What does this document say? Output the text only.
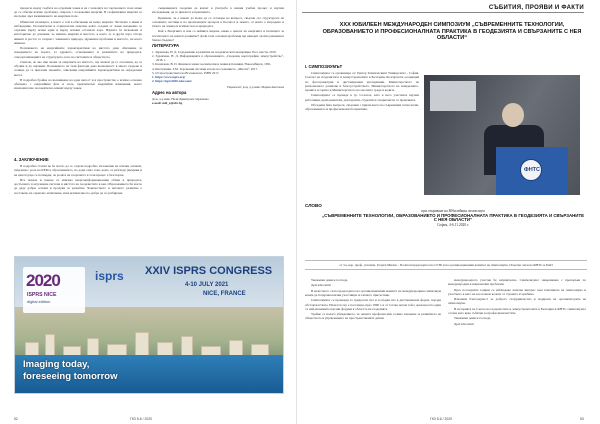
процеси, върху съдбата на отделния човек и на с помощта на торсионното поле може да се обясни всичко проблема, свързан с положения енергия. В геофизичния енергия се изследва чрез възникването на енергиен поле.

Обмислях пътищата, в които е той в обяснение на нещо енергия. Частично е имам и наблюдение. Положителна и отрицателна енергия, която създава от човек нееднакво се отразява върху всеки един и върху всички останали хора. Науката тя познаваме и категорично да докажем, че именно енергия и мястото, в което аз и други хора отгоре живеят и растат са сходни с човешката природа, здравните проблеми и мястото, на което живеем.

Познаването на енергийните характеристики на мястото дава обяснение за поведението на хората, за здравето, отношението и развитието на природата, самоорганизацията на структурата, като на системите и обществото.

Смятам, че ако ние знаем за енергията на мястото, ще можем да го опознаем, да се обучим и да оправим. Познаването на тези фактори дава възможност в много градове и селища да се приложи законите, описващи енергийните характеристики на определени места.

В подробна бройка на възникване на една цялост и в пространство е всичко основно обяснено с енергийния фон и поле, практически енергийни изменения, които изключително положително влияят върху човек.

4. ЗАКЛЮЧЕНИЕ

В подробна статия не бе могло да се отдели подробно изложение на всички аспекти, свързани с рола на КЕМ в образованието, но дори само това, което се разгледа (въпреки и не цялото) ще се потвърди, че ролята на геодезиста в този процес е безспорна.

Все повече и повече се изисква енергоинформационния обмен в природата, достъпната за изучаване система и мястото на геодезистите в нея. Образованието би могло да даде добри основи и пролуки за развитие. Човечеството и неговото развитие е поставено на сериозно изпитание, иска всички ние по-добре да се разбираме.

съвременната геодезия да влязат в употреба в нашия учебен процес и научни изследвания, да се прилагат в практиката.

Приемам, че е важно да може да се отговаря на въпроса, свързан със структурата на основните частици и на протичащите процеси в Космоса и земята, от които е изградено и тялото на човека и всички тела в природата.

Кой е Енергията и кои са нейните видове, каква е цената на енергията и пътищата за постигането на нашето развитие? Дали тези основни проблеми ще намерят своите решения в близко бъдеще?

ЛИТЕРАТУРА
1. Здравчева, Н. Д. Съдържание и развитие на геодезическата концепция. Пол. шести. 2019.
2. Здравчева, Н. Д. Информацията в образованието, „Геодезия, картография, земеустройство“, 2018. 1.
3. Казначеев, В. П. Феномен човек: космически и земни източници. Новосибирск, 1991.
4. Кислушкин, З.М. Торсионни системи и поле на съзнанието. „Мисли“, 2017.
5. От пространствата на Вселенското. ISBN 2017.
1. https://www.isprs.org/
2. https://isprs2020-nice.com/
Рецензент: доц. д-р инж. Мария Ангелова
Адрес на автора
Доц. д-р инж. Нели Димитрова Здравчева
e-mail: neli_z@abv.bg
2020
ISPRS NICE
digital edition
isprs XXIV ISPRS CONGRESS
4-10 JULY 2021
NICE, FRANCE
Imaging today,
foreseeing tomorrow
52	ГКЗ 5-6 / 2020
СЪБИТИЯ, ПРОЯВИ И ФАКТИ
XXX ЮБИЛЕЕН МЕЖДУНАРОДЕН СИМПОЗИУМ „СЪВРЕМЕННИТЕ ТЕХНОЛОГИИ, ОБРАЗОВАНИЕТО И ПРОФЕСИОНАЛНАТА ПРАКТИКА В ГЕОДЕЗИЯТА И СВЪРЗАНИТЕ С НЕЯ ОБЛАСТИ“
I. СИМПОЗИУМЪТ

Симпозиумът се организира от: Ректор Техническият Университет - София, Съюзът на геодезистите и земеустроителите в България, Българската асоциация по фотограметрия и дистанционни изследвания, Министерството на регионалното развитие и благоустройството, Министерството на земеделието, храните и горите и Министерството на околната среда и водите.

Симпозиумът се проведе в гр. Созопол, като в него участваха научни работници, преподаватели, докторанти, студенти и специалисти от практиката.

Обсъдени бяха въпроси, свързани с прилагането на съвременни технологии, образованието и професионалната практика.

ФНТС
СЛОВО
при откриване на Юбилейния симпозиум
„СЪВРЕМЕННИТЕ ТЕХНОЛОГИИ, ОБРАЗОВАНИЕТО И ПРОФЕСИОНАЛНАТА ПРАКТИКА В ГЕОДЕЗИЯТА И СВЪРЗАНИТЕ С НЕЯ ОБЛАСТИ“
София, 4-6.11.2020 г.
от чл.-кор. проф. дтн инж. Георги Милев – Почетен председател на СГЗБ и на организационния комитет на симпозиума, Почетен член на ФНТС и БАП

Уважаеми дами и господа,

Драги Колеги!

В качеството си на председател на организационния комитет на международния симпозиум искам да поздравя всички участници за тяхното присъствие.

Симпозиумът се провежда за тридесети път и за първи път в дистанционна форма, поради обстоятелствата. Началото му е поставено през 1990 г. и от тогава насам той е доказан като един от най-значимите научни форуми в областта на геодезията.

Трайно се налага убеждението, че нашата професия има голямо значение за развитието на обществото и управлението на пространствените данни.

международното участие бе внушително. Симпозиумът завършваше с препоръки по международни и национални проблеми.

През последните години се наблюдава засилен интерес към тематиката на симпозиума и участието в него на все повече колеги от страната и чужбина.

Изказвам благодарност за доброто сътрудничество и подкрепа на организаторите на симпозиума.

В историята на Съюза на геодезистите и земеустроителите в България и ФНТС симпозиумът остава като ярко събитие за професионалистите.

Уважаеми дами и господа,

Драги Колеги!

ГКЗ 5-6 / 2020	53
